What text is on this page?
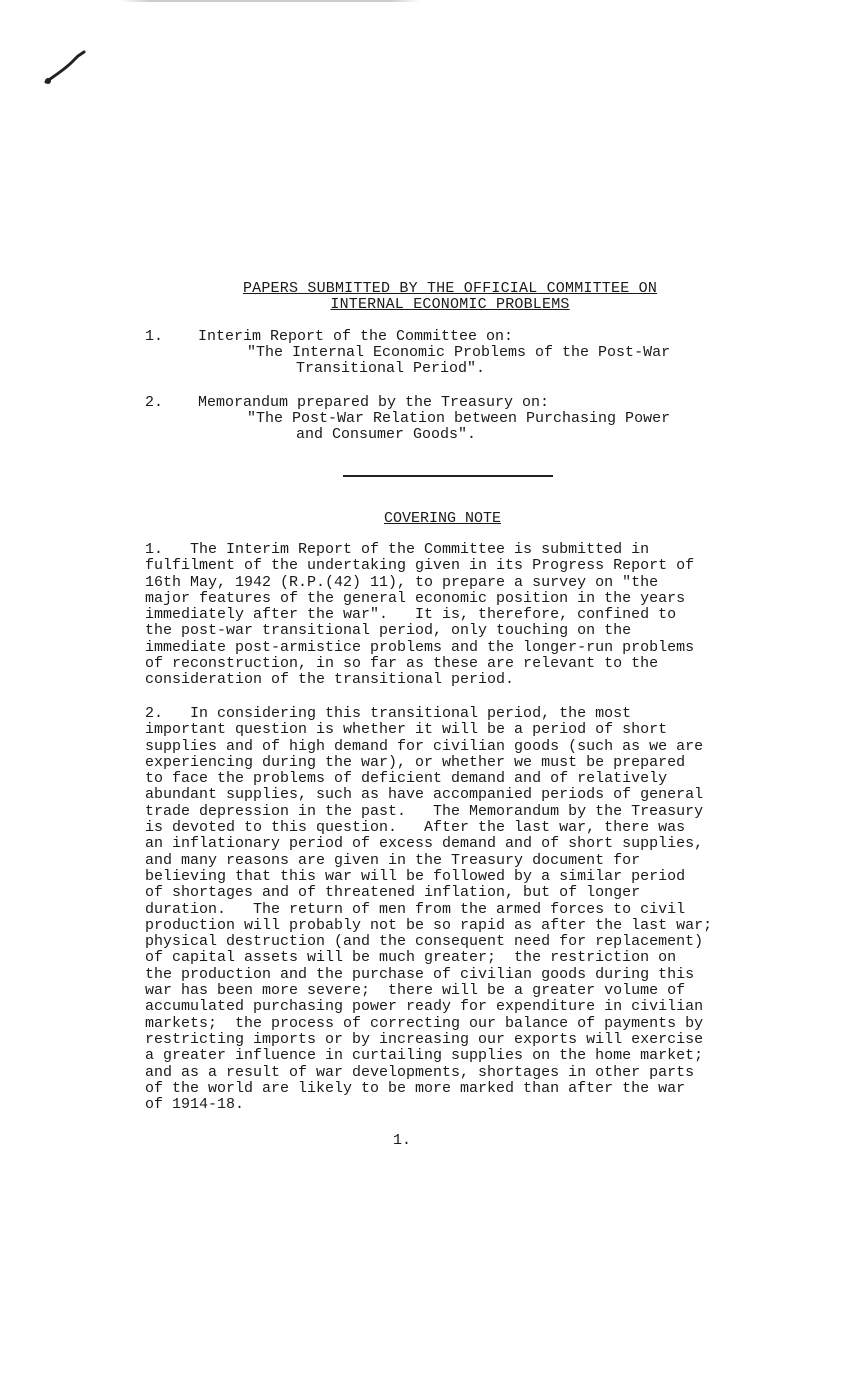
PAPERS SUBMITTED BY THE OFFICIAL COMMITTEE ON
INTERNAL ECONOMIC PROBLEMS
1. Interim Report of the Committee on:
"The Internal Economic Problems of the Post-War
Transitional Period".
2. Memorandum prepared by the Treasury on:
"The Post-War Relation between Purchasing Power
and Consumer Goods".
COVERING NOTE
1.   The Interim Report of the Committee is submitted in
fulfilment of the undertaking given in its Progress Report of
16th May, 1942 (R.P.(42) 11), to prepare a survey on "the
major features of the general economic position in the years
immediately after the war".   It is, therefore, confined to
the post-war transitional period, only touching on the
immediate post-armistice problems and the longer-run problems
of reconstruction, in so far as these are relevant to the
consideration of the transitional period.
2.   In considering this transitional period, the most
important question is whether it will be a period of short
supplies and of high demand for civilian goods (such as we are
experiencing during the war), or whether we must be prepared
to face the problems of deficient demand and of relatively
abundant supplies, such as have accompanied periods of general
trade depression in the past.   The Memorandum by the Treasury
is devoted to this question.   After the last war, there was
an inflationary period of excess demand and of short supplies,
and many reasons are given in the Treasury document for
believing that this war will be followed by a similar period
of shortages and of threatened inflation, but of longer
duration.   The return of men from the armed forces to civil
production will probably not be so rapid as after the last war;
physical destruction (and the consequent need for replacement)
of capital assets will be much greater;  the restriction on
the production and the purchase of civilian goods during this
war has been more severe;  there will be a greater volume of
accumulated purchasing power ready for expenditure in civilian
markets;  the process of correcting our balance of payments by
restricting imports or by increasing our exports will exercise
a greater influence in curtailing supplies on the home market;
and as a result of war developments, shortages in other parts
of the world are likely to be more marked than after the war
of 1914-18.
1.
